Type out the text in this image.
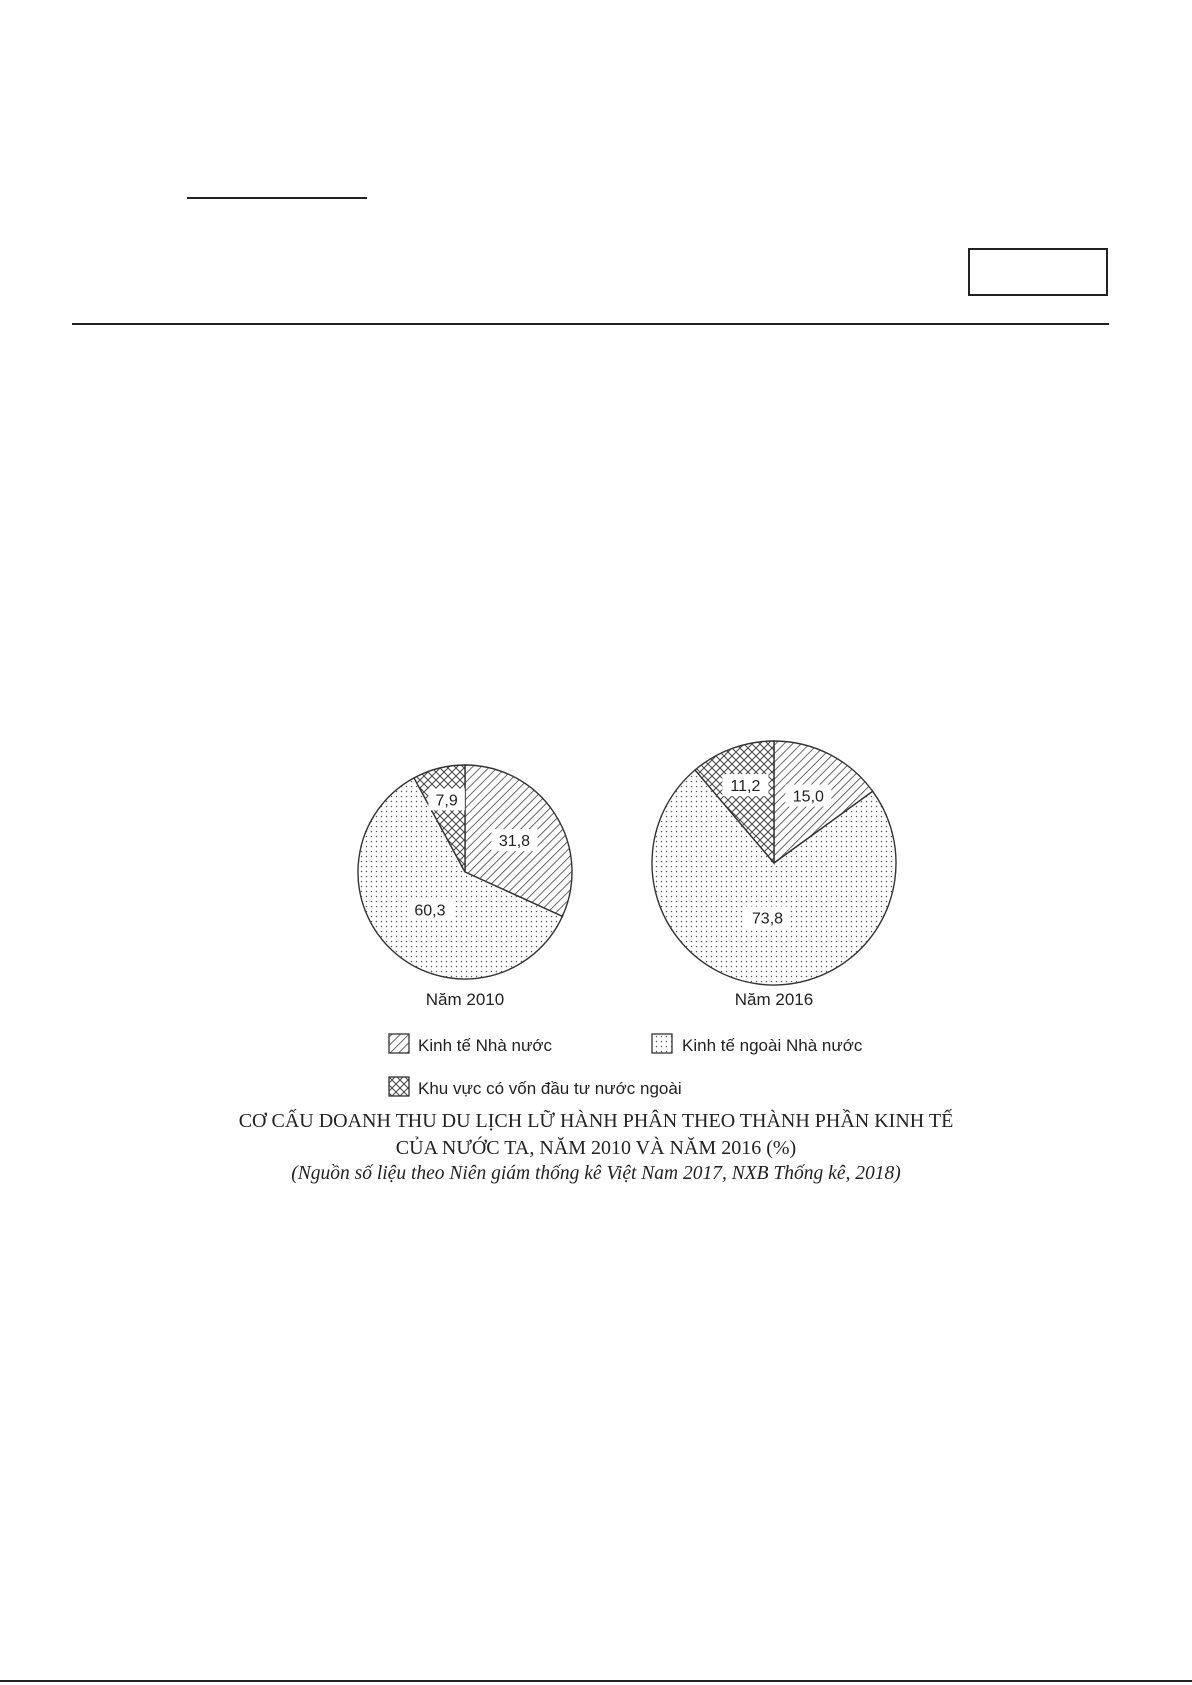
31,8
60,3
7,9
Năm 2010
15,0
73,8
11,2
Năm 2016
Kinh tế Nhà nước	Kinh tế ngoài Nhà nước
Khu vực có vốn đầu tư nước ngoài
CƠ CẤU DOANH THU DU LỊCH LỮ HÀNH PHÂN THEO THÀNH PHẦN KINH TẾ
CỦA NƯỚC TA, NĂM 2010 VÀ NĂM 2016 (%)
(Nguồn số liệu theo Niên giám thống kê Việt Nam 2017, NXB Thống kê, 2018)
